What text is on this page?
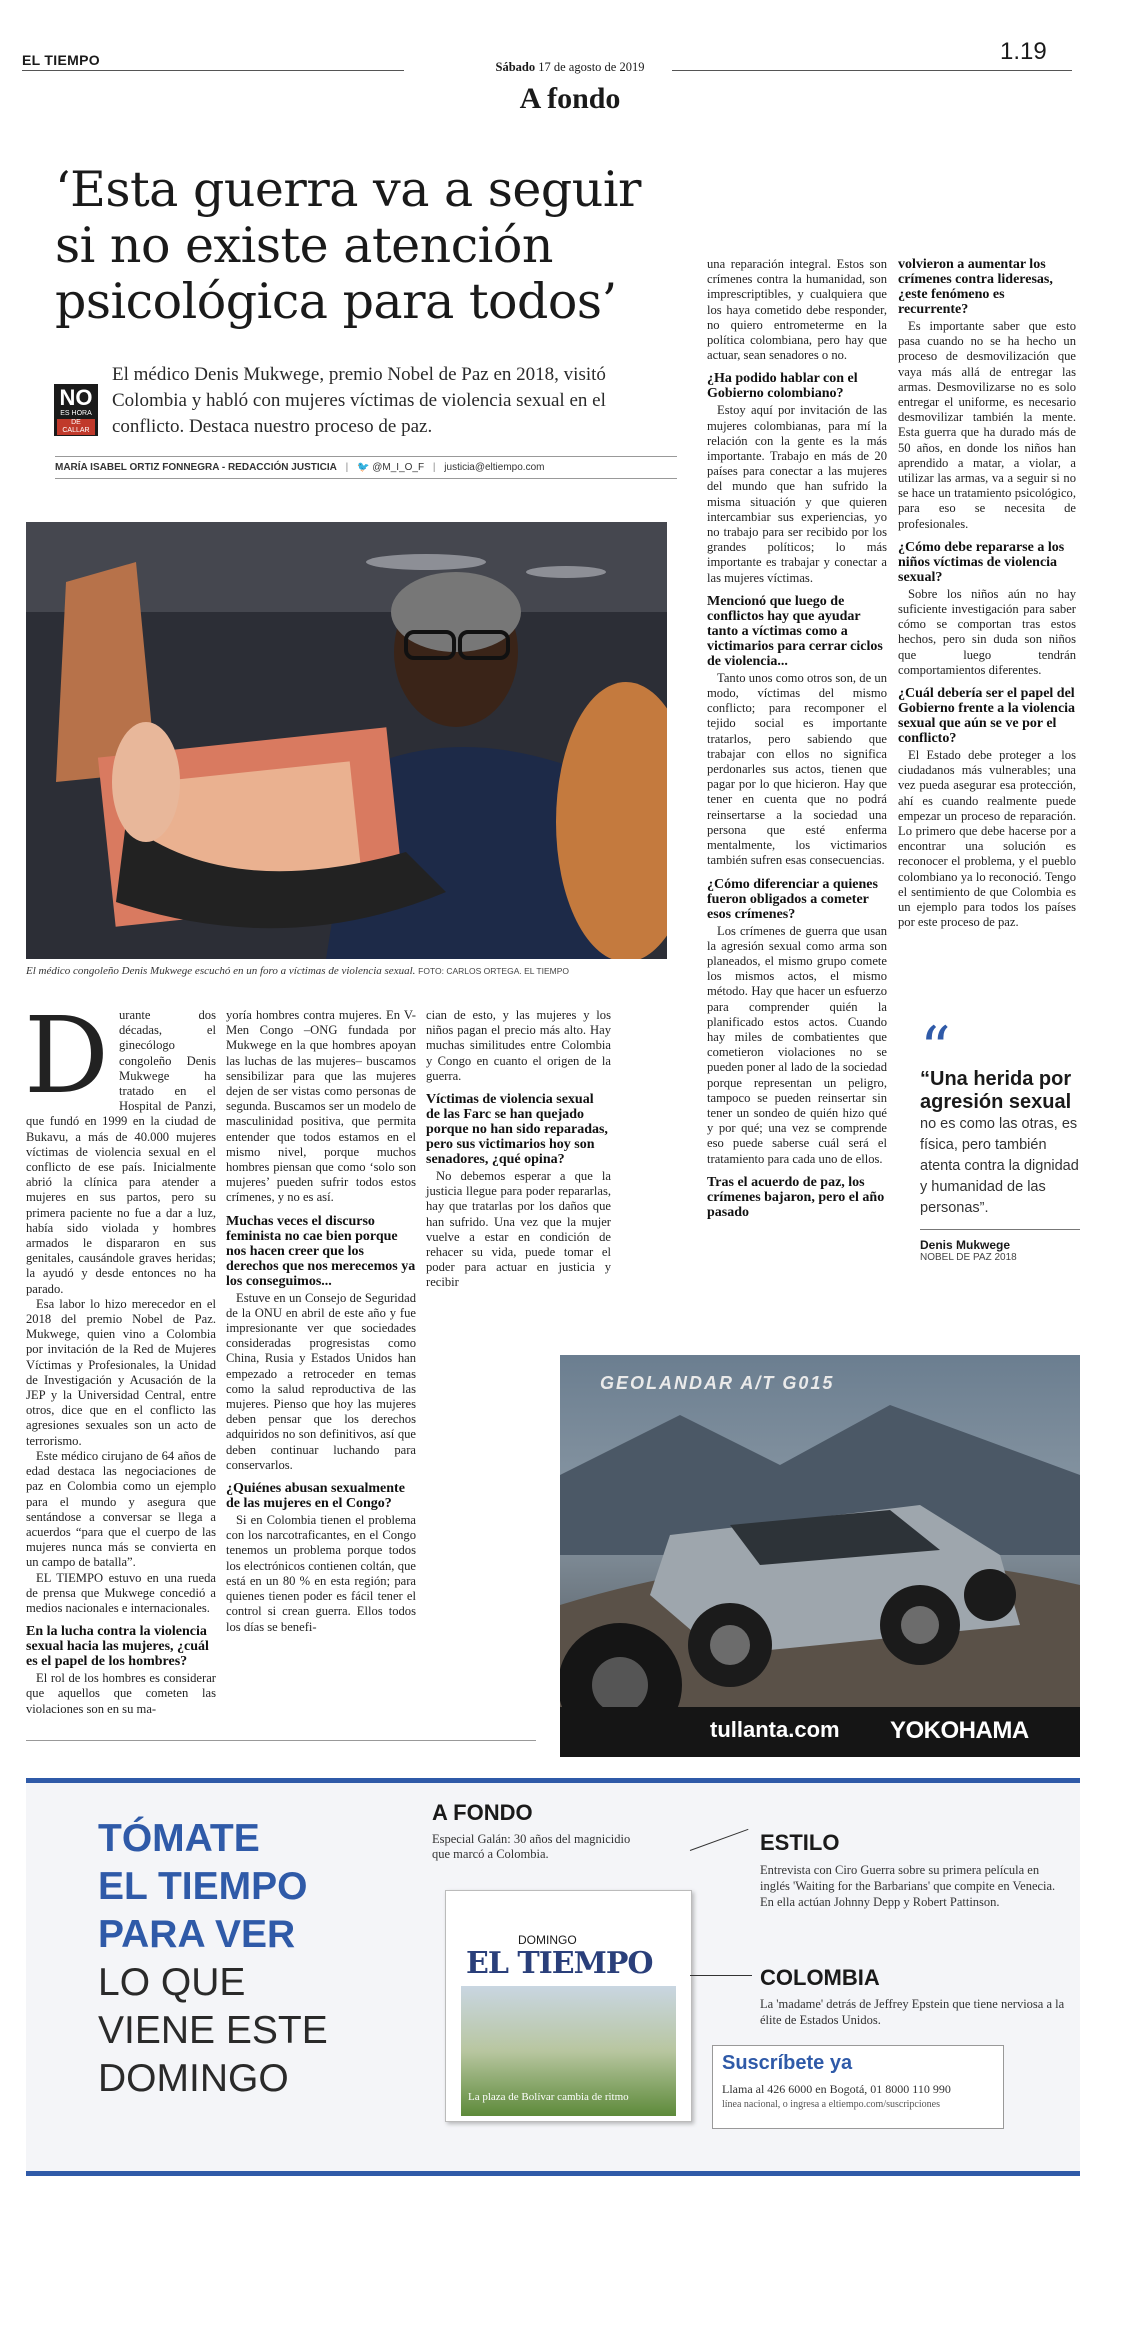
EL TIEMPO	1.19
Sábado 17 de agosto de 2019
A fondo
‘Esta guerra va a seguir
si no existe atención
psicológica para todos’
NO
ES HORA
DE CALLAR
El médico Denis Mukwege, premio Nobel de Paz en 2018, visitó Colombia y habló con mujeres víctimas de violencia sexual en el conflicto. Destaca nuestro proceso de paz.
MARÍA ISABEL ORTIZ FONNEGRA - REDACCIÓN JUSTICIA | 🐦 @M_I_O_F | justicia@eltiempo.com
El médico congoleño Denis Mukwege escuchó en un foro a víctimas de violencia sexual. FOTO: CARLOS ORTEGA. EL TIEMPO

una reparación integral. Estos son crímenes contra la humanidad, son imprescriptibles, y cualquiera que los haya cometido debe responder, no quiero entrometerme en la política colombiana, pero hay que actuar, sean senadores o no.

¿Ha podido hablar con el Gobierno colombiano?

Estoy aquí por invitación de las mujeres colombianas, para mí la relación con la gente es la más importante. Trabajo en más de 20 países para conectar a las mujeres del mundo que han sufrido la misma situación y que quieren intercambiar sus experiencias, yo no trabajo para ser recibido por los grandes políticos; lo más importante es trabajar y conectar a las mujeres víctimas.

Mencionó que luego de conflictos hay que ayudar tanto a víctimas como a victimarios para cerrar ciclos de violencia...

Tanto unos como otros son, de un modo, víctimas del mismo conflicto; para recomponer el tejido social es importante tratarlos, pero sabiendo que trabajar con ellos no significa perdonarles sus actos, tienen que pagar por lo que hicieron. Hay que tener en cuenta que no podrá reinsertarse a la sociedad una persona que esté enferma mentalmente, los victimarios también sufren esas consecuencias.

¿Cómo diferenciar a quienes fueron obligados a cometer esos crímenes?

Los crímenes de guerra que usan la agresión sexual como arma son planeados, el mismo grupo comete los mismos actos, el mismo método. Hay que hacer un esfuerzo para comprender quién la planificado estos actos. Cuando hay miles de combatientes que cometieron violaciones no se pueden poner al lado de la sociedad porque representan un peligro, tampoco se pueden reinsertar sin tener un sondeo de quién hizo qué y por qué; una vez se comprende eso puede saberse cuál será el tratamiento para cada uno de ellos.

Tras el acuerdo de paz, los crímenes bajaron, pero el año pasado
volvieron a aumentar los crímenes contra lideresas, ¿este fenómeno es recurrente?

Es importante saber que esto pasa cuando no se ha hecho un proceso de desmovilización que vaya más allá de entregar las armas. Desmovilizarse no es solo entregar el uniforme, es necesario desmovilizar también la mente. Esta guerra que ha durado más de 50 años, en donde los niños han aprendido a matar, a violar, a utilizar las armas, va a seguir si no se hace un tratamiento psicológico, para eso se necesita de profesionales.

¿Cómo debe repararse a los niños víctimas de violencia sexual?

Sobre los niños aún no hay suficiente investigación para saber cómo se comportan tras estos hechos, pero sin duda son niños que luego tendrán comportamientos diferentes.

¿Cuál debería ser el papel del Gobierno frente a la violencia sexual que aún se ve por el conflicto?

El Estado debe proteger a los ciudadanos más vulnerables; una vez pueda asegurar esa protección, ahí es cuando realmente puede empezar un proceso de reparación. Lo primero que debe hacerse por a encontrar una solución es reconocer el problema, y el pueblo colombiano ya lo reconoció. Tengo el sentimiento de que Colombia es un ejemplo para todos los países por este proceso de paz.

D urante dos décadas, el ginecólogo congoleño Denis Mukwege ha tratado en el Hospital de Panzi, que fundó en 1999 en la ciudad de Bukavu, a más de 40.000 mujeres víctimas de violencia sexual en el conflicto de ese país. Inicialmente abrió la clínica para atender a mujeres en sus partos, pero su primera paciente no fue a dar a luz, había sido violada y hombres armados le dispararon en sus genitales, causándole graves heridas; la ayudó y desde entonces no ha parado.

Esa labor lo hizo merecedor en el 2018 del premio Nobel de Paz. Mukwege, quien vino a Colombia por invitación de la Red de Mujeres Víctimas y Profesionales, la Unidad de Investigación y Acusación de la JEP y la Universidad Central, entre otros, dice que en el conflicto las agresiones sexuales son un acto de terrorismo.

Este médico cirujano de 64 años de edad destaca las negociaciones de paz en Colombia como un ejemplo para el mundo y asegura que sentándose a conversar se llega a acuerdos “para que el cuerpo de las mujeres nunca más se convierta en un campo de batalla”.

EL TIEMPO estuvo en una rueda de prensa que Mukwege concedió a medios nacionales e internacionales.

En la lucha contra la violencia sexual hacia las mujeres, ¿cuál es el papel de los hombres?

El rol de los hombres es considerar que aquellos que cometen las violaciones son en su ma-

yoría hombres contra mujeres. En V-Men Congo –ONG fundada por Mukwege en la que hombres apoyan las luchas de las mujeres– buscamos sensibilizar para que las mujeres dejen de ser vistas como personas de segunda. Buscamos ser un modelo de masculinidad positiva, que permita entender que todos estamos en el mismo nivel, porque muchos hombres piensan que como ‘solo son mujeres’ pueden sufrir todos estos crímenes, y no es así.

Muchas veces el discurso feminista no cae bien porque nos hacen creer que los derechos que nos merecemos ya los conseguimos...

Estuve en un Consejo de Seguridad de la ONU en abril de este año y fue impresionante ver que sociedades consideradas progresistas como China, Rusia y Estados Unidos han empezado a retroceder en temas como la salud reproductiva de las mujeres. Pienso que hoy las mujeres deben pensar que los derechos adquiridos no son definitivos, así que deben continuar luchando para conservarlos.

¿Quiénes abusan sexualmente de las mujeres en el Congo?

Si en Colombia tienen el problema con los narcotraficantes, en el Congo tenemos un problema porque todos los electrónicos contienen coltán, que está en un 80 % en esta región; para quienes tienen poder es fácil tener el control si crean guerra. Ellos todos los días se benefi-

cian de esto, y las mujeres y los niños pagan el precio más alto. Hay muchas similitudes entre Colombia y Congo en cuanto el origen de la guerra.

Víctimas de violencia sexual de las Farc se han quejado porque no han sido reparadas, pero sus victimarios hoy son senadores, ¿qué opina?

No debemos esperar a que la justicia llegue para poder repararlas, hay que tratarlas por los daños que han sufrido. Una vez que la mujer vuelve a estar en condición de rehacer su vida, puede tomar el poder para actuar en justicia y recibir

“
“Una herida por agresión sexual
no es como las otras, es física, pero también atenta contra la dignidad y humanidad de las personas”.
Denis Mukwege
NOBEL DE PAZ 2018
GEOLANDAR A/T G015
tullanta.com YOKOHAMA
TÓMATE
EL TIEMPO
PARA VER
LO QUE
VIENE ESTE
DOMINGO
A FONDO
Especial Galán: 30 años del magnicidio que marcó a Colombia.
DOMINGO
EL TIEMPO
La plaza de Bolívar cambia de ritmo
ESTILO
Entrevista con Ciro Guerra sobre su primera película en inglés 'Waiting for the Barbarians' que compite en Venecia. En ella actúan Johnny Depp y Robert Pattinson.
COLOMBIA
La 'madame' detrás de Jeffrey Epstein que tiene nerviosa a la élite de Estados Unidos.
Suscríbete ya
Llama al 426 6000 en Bogotá, 01 8000 110 990
línea nacional, o ingresa a eltiempo.com/suscripciones
